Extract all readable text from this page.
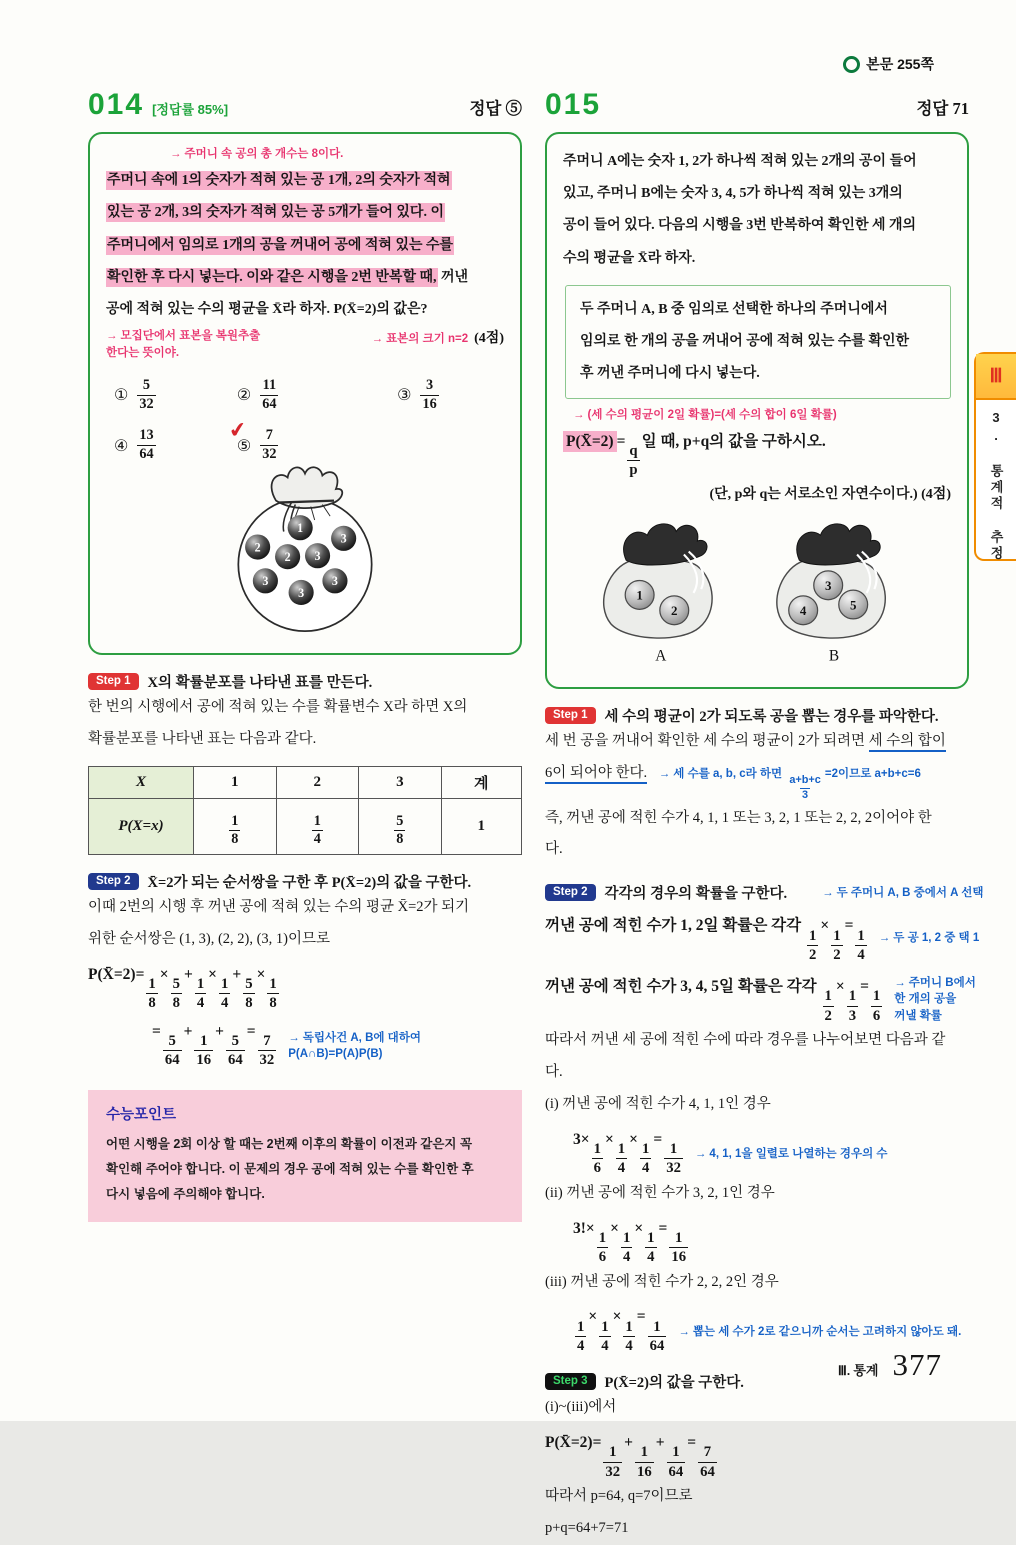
본문 255쪽
Ⅲ
3. 통계적 추정
014 [정답률 85%]	정답 ⑤
→ 주머니 속 공의 총 개수는 8이다.
주머니 속에 1의 숫자가 적혀 있는 공 1개, 2의 숫자가 적혀
있는 공 2개, 3의 숫자가 적혀 있는 공 5개가 들어 있다. 이
주머니에서 임의로 1개의 공을 꺼내어 공에 적혀 있는 수를
확인한 후 다시 넣는다. 이와 같은 시행을 2번 반복할 때, 꺼낸
공에 적혀 있는 수의 평균을 X̄라 하자. P(X̄=2)의 값은?
→ 모집단에서 표본을 복원추출
한다는 뜻이야.
→ 표본의 크기 n=2 (4점)
① $\frac{5}{32}$	② $\frac{11}{64}$	③ $\frac{3}{16}$
④ $\frac{13}{64}$	✔
⑤ $\frac{7}{32}$
1
3
2
2 3
3
3
3
Step 1	X의 확률분포를 나타낸 표를 만든다.
한 번의 시행에서 공에 적혀 있는 수를 확률변수 X라 하면 X의
확률분포를 나타낸 표는 다음과 같다.
X	1	2	3	계
P(X=x)	$\frac{1}{8}$	$\frac{1}{4}$	$\frac{5}{8}$	1
Step 2	X̄=2가 되는 순서쌍을 구한 후 P(X̄=2)의 값을 구한다.
이때 2번의 시행 후 꺼낸 공에 적혀 있는 수의 평균 X̄=2가 되기
위한 순서쌍은 (1, 3), (2, 2), (3, 1)이므로
P(X̄=2)=
$\frac{1}{8}$
×
$\frac{5}{8}$
+
$\frac{1}{4}$
×
$\frac{1}{4}$
+
$\frac{5}{8}$
×
$\frac{1}{8}$
=
$\frac{5}{64}$
+
$\frac{1}{16}$
+
$\frac{5}{64}$
=
$\frac{7}{32}$ → 독립사건 A, B에 대하여
P(A∩B)=P(A)P(B)
수능포인트
어떤 시행을 2회 이상 할 때는 2번째 이후의 확률이 이전과 같은지 꼭
확인해 주어야 합니다. 이 문제의 경우 공에 적혀 있는 수를 확인한 후
다시 넣음에 주의해야 합니다.
015	정답 71
주머니 A에는 숫자 1, 2가 하나씩 적혀 있는 2개의 공이 들어
있고, 주머니 B에는 숫자 3, 4, 5가 하나씩 적혀 있는 3개의
공이 들어 있다. 다음의 시행을 3번 반복하여 확인한 세 개의
수의 평균을 X̄라 하자.
두 주머니 A, B 중 임의로 선택한 하나의 주머니에서
임의로 한 개의 공을 꺼내어 공에 적혀 있는 수를 확인한
후 꺼낸 주머니에 다시 넣는다.
→ (세 수의 평균이 2일 확률)=(세 수의 합이 6일 확률)
P(X̄=2) =
$\frac{q}{p}$
일 때, p+q의 값을 구하시오.
(단, p와 q는 서로소인 자연수이다.) (4점)
1
2
A
3
4	5
B
Step 1	세 수의 평균이 2가 되도록 공을 뽑는 경우를 파악한다.
세 번 공을 꺼내어 확인한 세 수의 평균이 2가 되려면 세 수의 합이
6이 되어야 한다. → 세 수를 a, b, c라 하면
$\frac{a+b+c}{3}$
=2이므로 a+b+c=6
즉, 꺼낸 공에 적힌 수가 4, 1, 1 또는 3, 2, 1 또는 2, 2, 2이어야 한
다.
Step 2	각각의 경우의 확률을 구한다.	→ 두 주머니 A, B 중에서 A 선택
꺼낸 공에 적힌 수가 1, 2일 확률은 각각
$\frac{1}{2}$
×
$\frac{1}{2}$
=
$\frac{1}{4}$ → 두 공 1, 2 중 택 1
꺼낸 공에 적힌 수가 3, 4, 5일 확률은 각각
$\frac{1}{2}$
×
$\frac{1}{3}$
=
$\frac{1}{6}$
→ 주머니 B에서
한 개의 공을
꺼낼 확률
따라서 꺼낸 세 공에 적힌 수에 따라 경우를 나누어보면 다음과 같
다.
(i) 꺼낸 공에 적힌 수가 4, 1, 1인 경우
3×
$\frac{1}{6}$
×
$\frac{1}{4}$
×
$\frac{1}{4}$
=
$\frac{1}{32} \to 4$, 1, 1을 일렬로 나열하는 경우의 수
(ii) 꺼낸 공에 적힌 수가 3, 2, 1인 경우
3!×
$\frac{1}{6}$
×
$\frac{1}{4}$
×
$\frac{1}{4}$
=
$\frac{1}{16}$
(iii) 꺼낸 공에 적힌 수가 2, 2, 2인 경우
$\frac{1}{4}$
×
$\frac{1}{4}$
×
$\frac{1}{4}$
=
$\frac{1}{64}$ → 뽑는 세 수가 2로 같으니까 순서는 고려하지 않아도 돼.
Step 3	P(X̄=2)의 값을 구한다.
(i)~(iii)에서
P(X̄=2)=
$\frac{1}{32}$
+
$\frac{1}{16}$
+
$\frac{1}{64}$
=
$\frac{7}{64}$
따라서 p=64, q=7이므로
p+q=64+7=71
Ⅲ. 통계 377
